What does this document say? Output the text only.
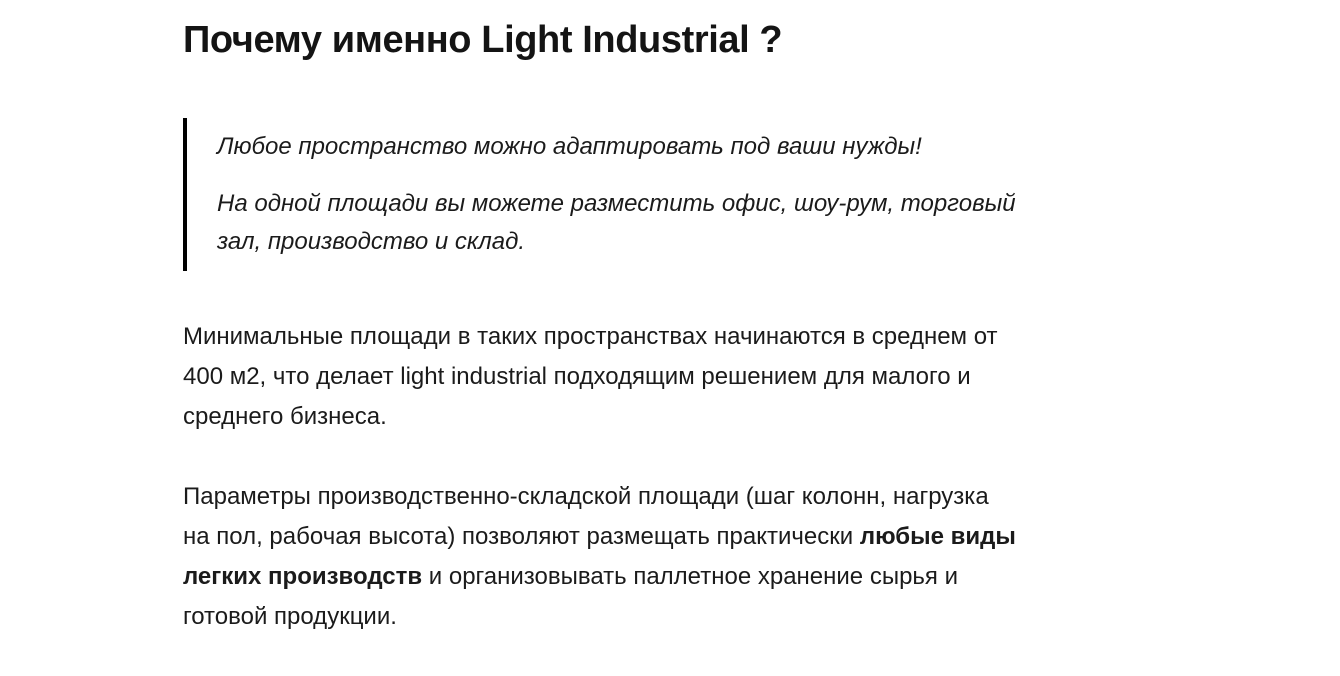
Почему именно Light Industrial ?

Любое пространство можно адаптировать под ваши нужды!

На одной площади вы можете разместить офис, шоу-рум, торговый
зал, производство и склад.

Минимальные площади в таких пространствах начинаются в среднем от
400 м2, что делает light industrial подходящим решением для малого и
среднего бизнеса.

Параметры производственно-складской площади (шаг колонн, нагрузка
на пол, рабочая высота) позволяют размещать практически любые виды
легких производств и организовывать паллетное хранение сырья и
готовой продукции.
